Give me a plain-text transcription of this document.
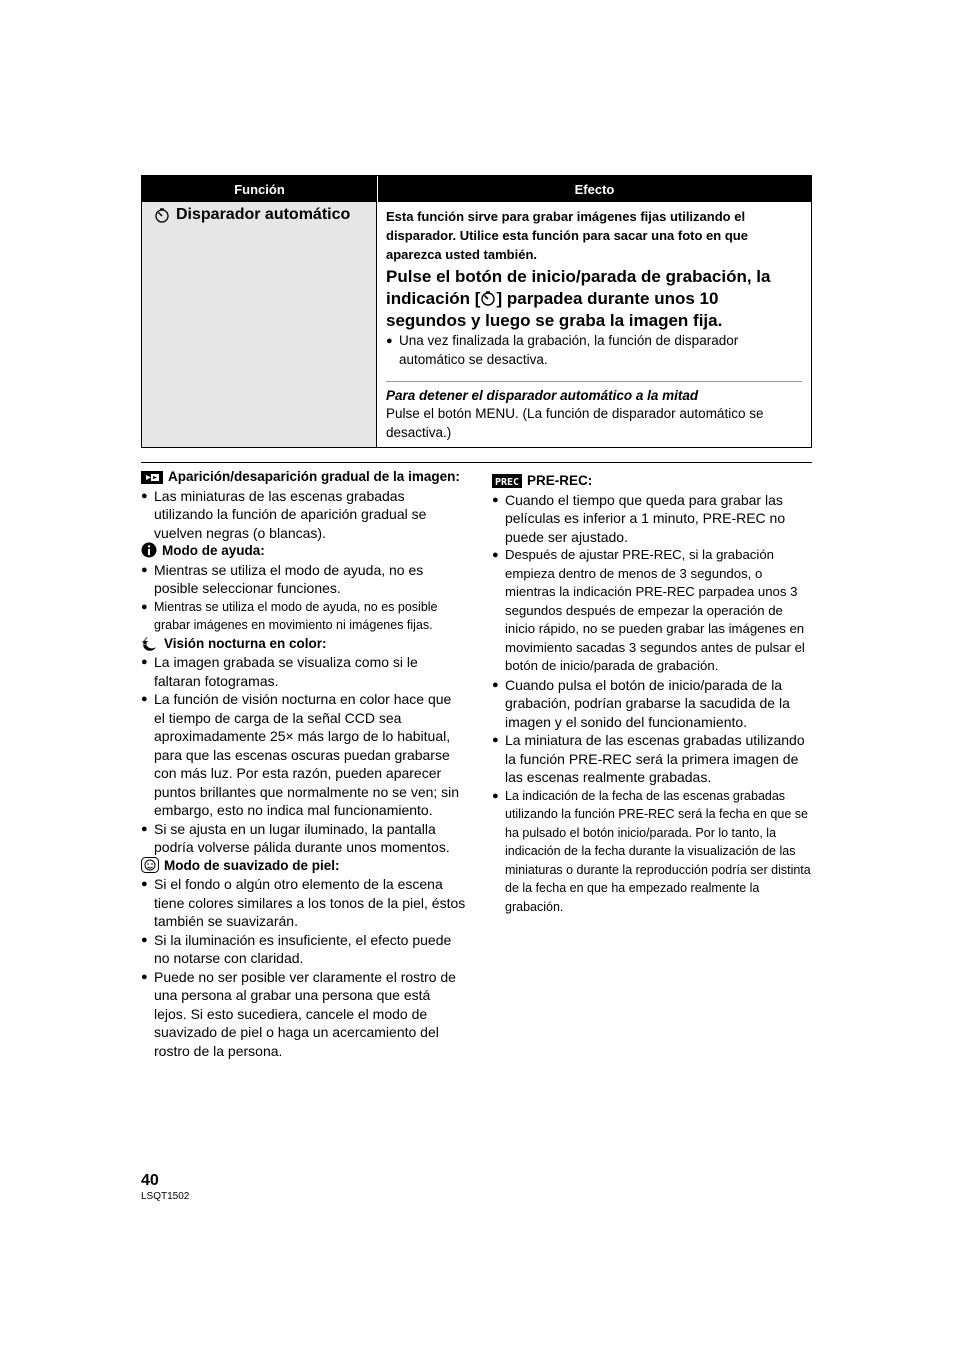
Función	Efecto
Disparador automático	Esta función sirve para grabar imágenes fijas utilizando el disparador. Utilice esta función para sacar una foto en que aparezca usted también.
Pulse el botón de inicio/parada de grabación, la indicación [ ] parpadea durante unos 10 segundos y luego se graba la imagen fija.
● Una vez finalizada la grabación, la función de disparador automático se desactiva.
Para detener el disparador automático a la mitad
Pulse el botón MENU. (La función de disparador automático se desactiva.)
Aparición/desaparición gradual de la imagen:
● Las miniaturas de las escenas grabadas utilizando la función de aparición gradual se vuelven negras (o blancas).
Modo de ayuda:
● Mientras se utiliza el modo de ayuda, no es posible seleccionar funciones.
● Mientras se utiliza el modo de ayuda, no es posible grabar imágenes en movimiento ni imágenes fijas.
Visión nocturna en color:
● La imagen grabada se visualiza como si le faltaran fotogramas.
● La función de visión nocturna en color hace que el tiempo de carga de la señal CCD sea aproximadamente 25× más largo de lo habitual, para que las escenas oscuras puedan grabarse con más luz. Por esta razón, pueden aparecer puntos brillantes que normalmente no se ven; sin embargo, esto no indica mal funcionamiento.
● Si se ajusta en un lugar iluminado, la pantalla podría volverse pálida durante unos momentos.
Modo de suavizado de piel:
● Si el fondo o algún otro elemento de la escena tiene colores similares a los tonos de la piel, éstos también se suavizarán.
● Si la iluminación es insuficiente, el efecto puede no notarse con claridad.
● Puede no ser posible ver claramente el rostro de una persona al grabar una persona que está lejos. Si esto sucediera, cancele el modo de suavizado de piel o haga un acercamiento del rostro de la persona.
PREC PRE-REC:
● Cuando el tiempo que queda para grabar las películas es inferior a 1 minuto, PRE-REC no puede ser ajustado.
● Después de ajustar PRE-REC, si la grabación empieza dentro de menos de 3 segundos, o mientras la indicación PRE-REC parpadea unos 3 segundos después de empezar la operación de inicio rápido, no se pueden grabar las imágenes en movimiento sacadas 3 segundos antes de pulsar el botón de inicio/parada de grabación.
● Cuando pulsa el botón de inicio/parada de la grabación, podrían grabarse la sacudida de la imagen y el sonido del funcionamiento.
● La miniatura de las escenas grabadas utilizando la función PRE-REC será la primera imagen de las escenas realmente grabadas.
● La indicación de la fecha de las escenas grabadas utilizando la función PRE-REC será la fecha en que se ha pulsado el botón inicio/parada. Por lo tanto, la indicación de la fecha durante la visualización de las miniaturas o durante la reproducción podría ser distinta de la fecha en que ha empezado realmente la grabación.
40
LSQT1502
